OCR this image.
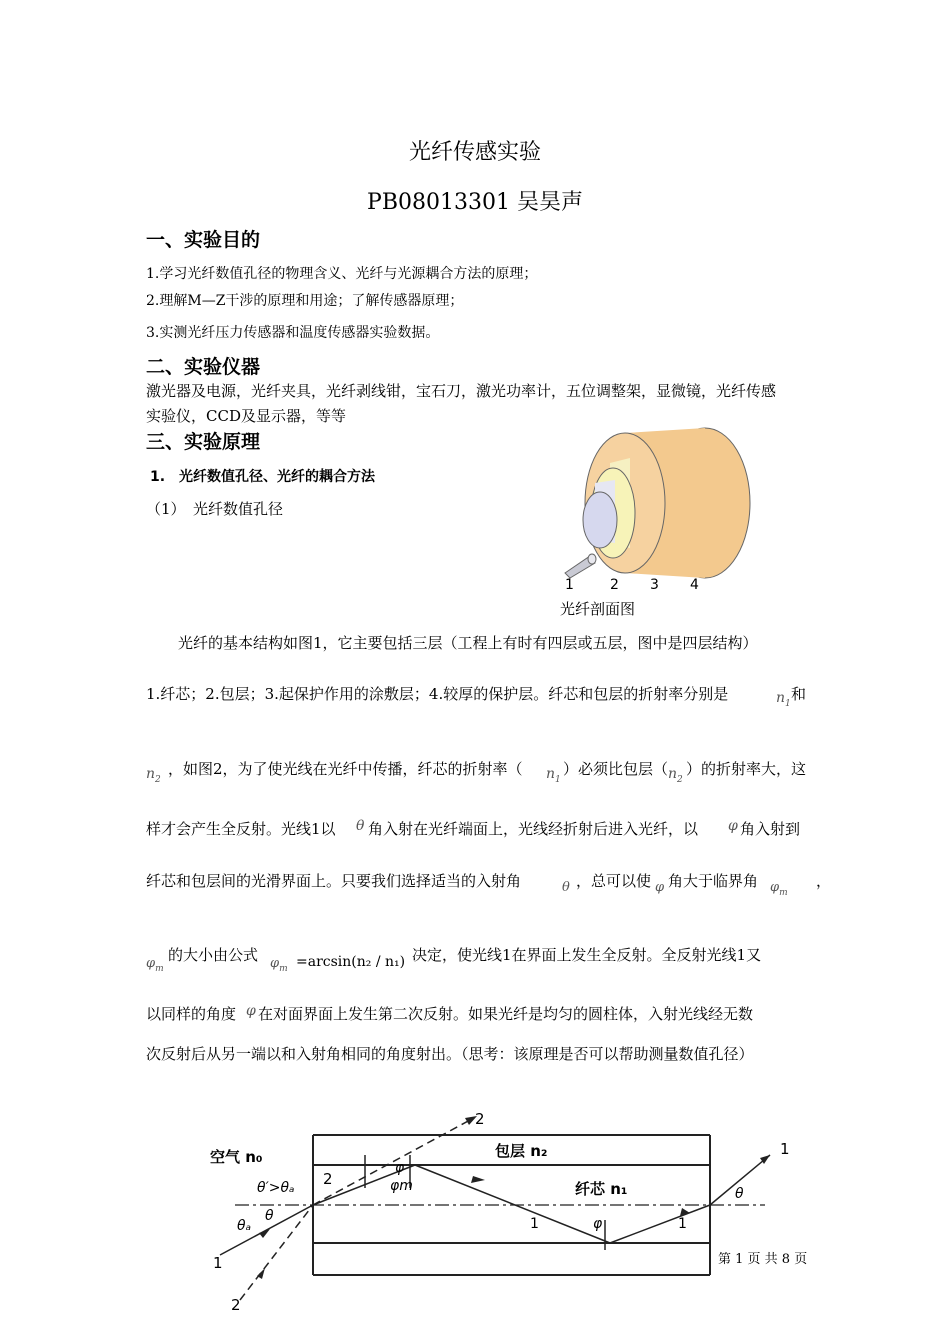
光纤传感实验
PB08013301 吴昊声
一、实验目的
1.学习光纤数值孔径的物理含义、光纤与光源耦合方法的原理；
2.理解M—Z干涉的原理和用途；了解传感器原理；
3.实测光纤压力传感器和温度传感器实验数据。
二、实验仪器
激光器及电源，光纤夹具，光纤剥线钳，宝石刀，激光功率计，五位调整架，显微镜，光纤传感
实验仪，CCD及显示器，等等
三、实验原理
1.　光纤数值孔径、光纤的耦合方法
（1）　光纤数值孔径
1	2 3 4
光纤剖面图
光纤的基本结构如图1，它主要包括三层（工程上有时有四层或五层，图中是四层结构）
1.纤芯；2.包层；3.起保护作用的涂敷层；4.较厚的保护层。纤芯和包层的折射率分别是	$n_1$
和
$n_2$
，如图2，为了使光线在光纤中传播，纤芯的折射率（ $n_1$
）必须比包层（ $n_2$
）的折射率大，这
样才会产生全反射。光线1以 θ 角入射在光纤端面上，光线经折射后进入光纤，以 φ 角入射到
纤芯和包层间的光滑界面上。只要我们选择适当的入射角	θ ，总可以使 φ 角大于临界角 $\varphi_m$
，
$\varphi_m$
的大小由公式 $\varphi_m =\arcsin(n_2 / n_1)$ 决定，使光线1在界面上发生全反射。全反射光线1又
以同样的角度 φ 在对面界面上发生第二次反射。如果光纤是均匀的圆柱体，入射光线经无数
次反射后从另一端以和入射角相同的角度射出。（思考：该原理是否可以帮助测量数值孔径）
空气 n₀	包层 n₂
纤芯 n₁
θ′>θₐ
θₐ
θ
θ
φm
φ
φ
1	1
1
1
2
2
2
第 1 页 共 8 页
